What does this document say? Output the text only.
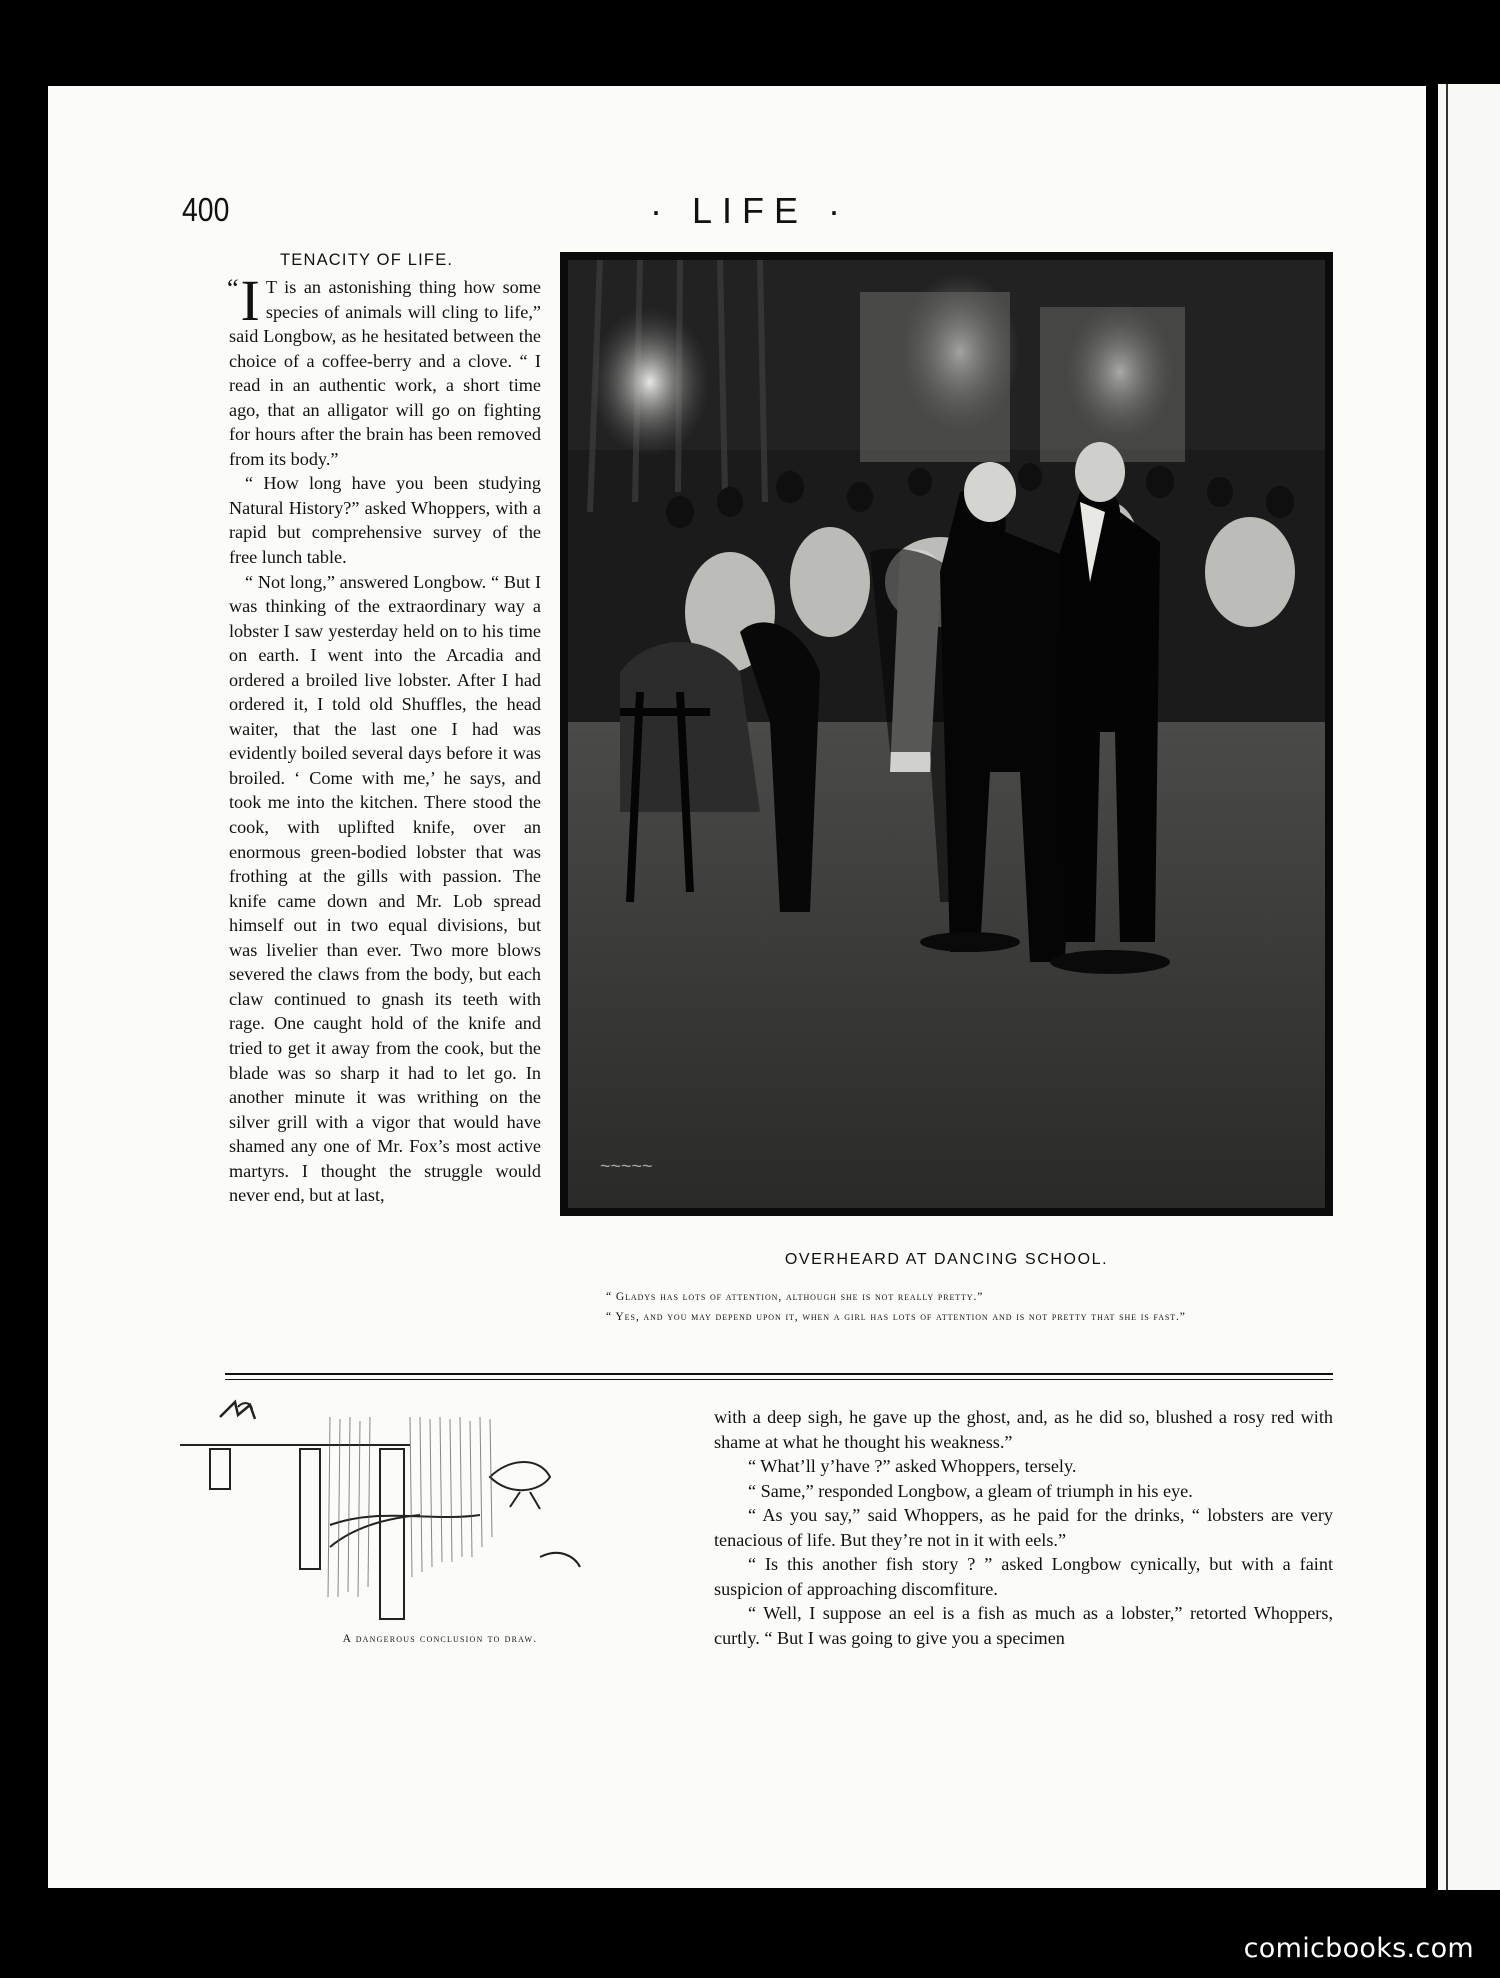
400	· LIFE ·
TENACITY OF LIFE.

“I T is an astonishing thing how some species of animals will cling to life,” said Longbow, as he hesitated between the choice of a coffee-berry and a clove. “ I read in an authentic work, a short time ago, that an alligator will go on fighting for hours after the brain has been removed from its body.”

“ How long have you been studying Natural History?” asked Whoppers, with a rapid but comprehensive survey of the free lunch table.

“ Not long,” answered Longbow. “ But I was thinking of the extraordinary way a lobster I saw yesterday held on to his time on earth. I went into the Arcadia and ordered a broiled live lobster. After I had ordered it, I told old Shuffles, the head waiter, that the last one I had was evidently boiled several days before it was broiled. ‘ Come with me,’ he says, and took me into the kitchen. There stood the cook, with uplifted knife, over an enormous green-bodied lobster that was frothing at the gills with passion. The knife came down and Mr. Lob spread himself out in two equal divisions, but was livelier than ever. Two more blows severed the claws from the body, but each claw continued to gnash its teeth with rage. One caught hold of the knife and tried to get it away from the cook, but the blade was so sharp it had to let go. In another minute it was writhing on the silver grill with a vigor that would have shamed any one of Mr. Fox’s most active martyrs. I thought the struggle would never end, but at last,

~~~~~
OVERHEARD AT DANCING SCHOOL.

“ Gladys has lots of attention, although she is not really pretty.”

“ Yes, and you may depend upon it, when a girl has lots of attention and is not pretty that she is fast.”

A dangerous conclusion to draw.

with a deep sigh, he gave up the ghost, and, as he did so, blushed a rosy red with shame at what he thought his weakness.”

“ What’ll y’have ?” asked Whoppers, tersely.

“ Same,” responded Longbow, a gleam of triumph in his eye.

“ As you say,” said Whoppers, as he paid for the drinks, “ lobsters are very tenacious of life. But they’re not in it with eels.”

“ Is this another fish story ? ” asked Longbow cynically, but with a faint suspicion of approaching discomfiture.

“ Well, I suppose an eel is a fish as much as a lobster,” retorted Whoppers, curtly. “ But I was going to give you a specimen

comicbooks.com
